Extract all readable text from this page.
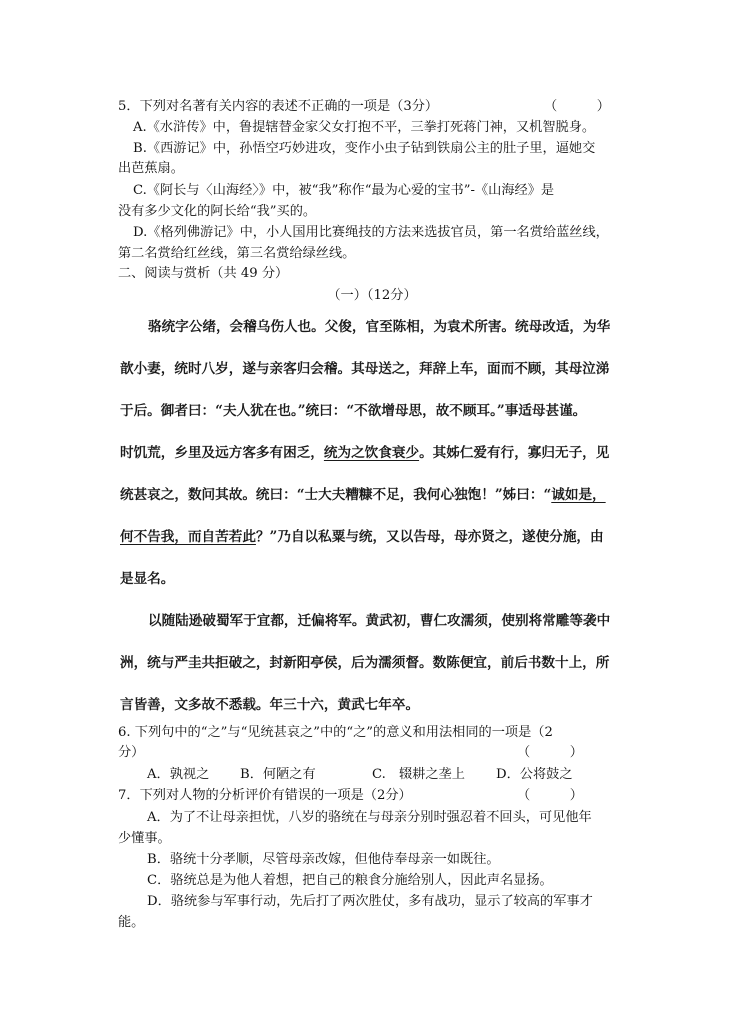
5．下列对名著有关内容的表述不正确的一项是（3分）	（　　　）
A.《水浒传》中，鲁提辖替金家父女打抱不平，三拳打死蒋门神，又机智脱身。
B.《西游记》中，孙悟空巧妙进攻，变作小虫子钻到铁扇公主的肚子里，逼她交
出芭蕉扇。
C.《阿长与〈山海经〉》中，被“我”称作“最为心爱的宝书”-《山海经》是
没有多少文化的阿长给“我”买的。
D.《格列佛游记》中，小人国用比赛绳技的方法来选拔官员，第一名赏给蓝丝线，
第二名赏给红丝线，第三名赏给绿丝线。
二、阅读与赏析（共 49 分）
（一）（12分）
骆统字公绪，会稽乌伤人也。父俊，官至陈相，为袁术所害。统母改适，为华
歆小妻，统时八岁，遂与亲客归会稽。其母送之，拜辞上车，面而不顾，其母泣涕
于后。御者曰：“夫人犹在也。”统曰：“不欲增母思，故不顾耳。”事适母甚谨。
时饥荒，乡里及远方客多有困乏，统为之饮食衰少。其姊仁爱有行，寡归无子，见
统甚哀之，数问其故。统曰：“士大夫糟糠不足，我何心独饱！”姊曰：“诚如是，
何不告我，而自苦若此？”乃自以私粟与统，又以告母，母亦贤之，遂使分施，由
是显名。
以随陆逊破蜀军于宜都，迁偏将军。黄武初，曹仁攻濡须，使别将常雕等袭中
洲，统与严圭共拒破之，封新阳亭侯，后为濡须督。数陈便宜，前后书数十上，所
言皆善，文多故不悉载。年三十六，黄武七年卒。
6. 下列句中的“之”与“见统甚哀之”中的“之”的意义和用法相同的一项是（2
分）	（　　　）
A．孰视之 B．何陋之有	C.　辍耕之垄上 D．公将鼓之
7．下列对人物的分析评价有错误的一项是（2分）	（　　　）
A．为了不让母亲担忧，八岁的骆统在与母亲分别时强忍着不回头，可见他年
少懂事。
B．骆统十分孝顺，尽管母亲改嫁，但他侍奉母亲一如既往。
C．骆统总是为他人着想，把自己的粮食分施给别人，因此声名显扬。
D．骆统参与军事行动，先后打了两次胜仗，多有战功，显示了较高的军事才
能。
